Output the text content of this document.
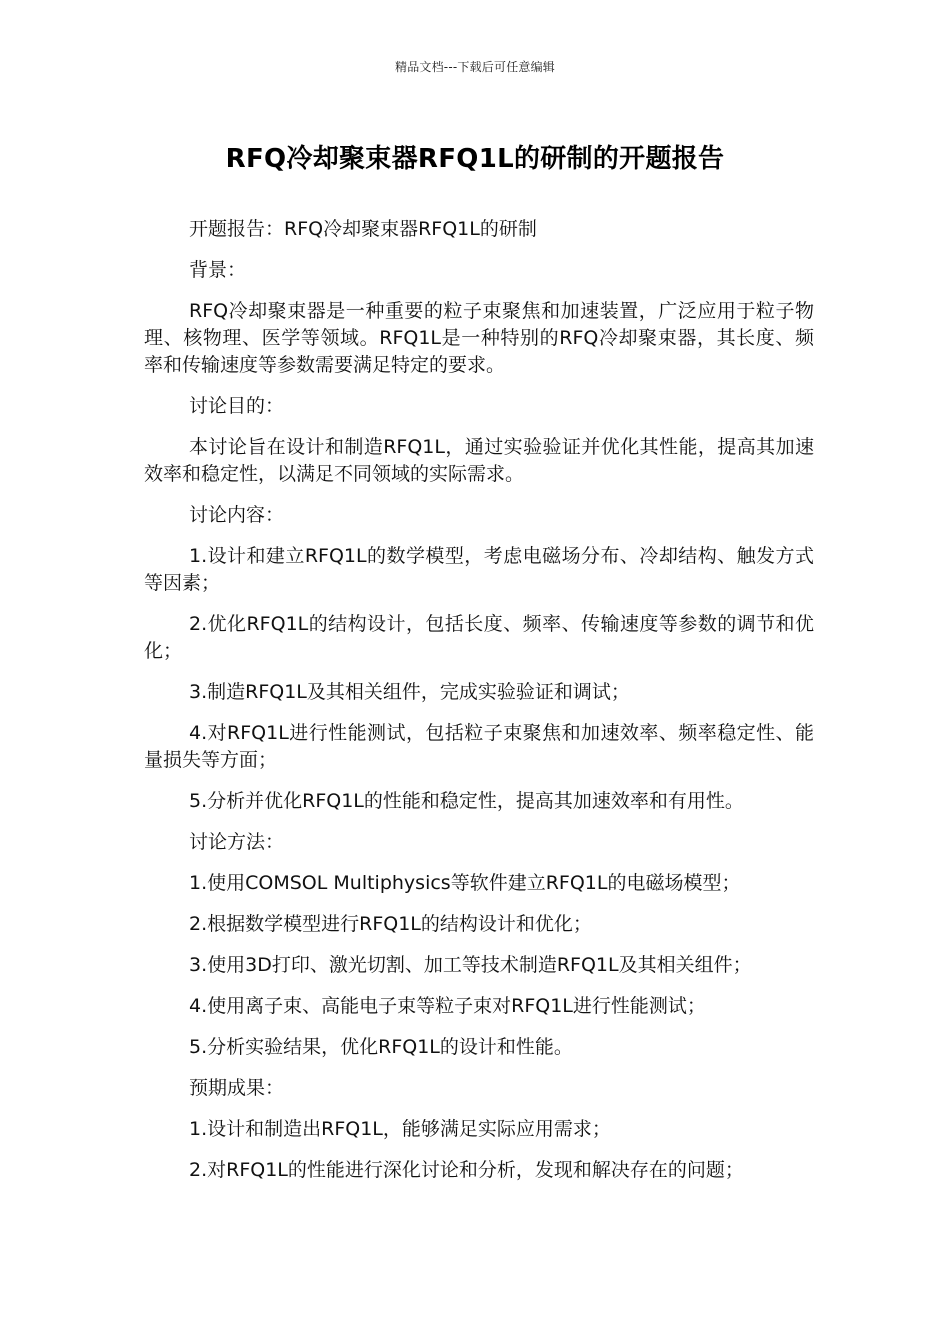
精品文档---下载后可任意编辑
RFQ冷却聚束器RFQ1L的研制的开题报告

开题报告：RFQ冷却聚束器RFQ1L的研制

背景：

RFQ冷却聚束器是一种重要的粒子束聚焦和加速装置，广泛应用于粒子物理、核物理、医学等领域。RFQ1L是一种特别的RFQ冷却聚束器，其长度、频率和传输速度等参数需要满足特定的要求。

讨论目的：

本讨论旨在设计和制造RFQ1L，通过实验验证并优化其性能，提高其加速效率和稳定性，以满足不同领域的实际需求。

讨论内容：

1.设计和建立RFQ1L的数学模型，考虑电磁场分布、冷却结构、触发方式等因素；

2.优化RFQ1L的结构设计，包括长度、频率、传输速度等参数的调节和优化；

3.制造RFQ1L及其相关组件，完成实验验证和调试；

4.对RFQ1L进行性能测试，包括粒子束聚焦和加速效率、频率稳定性、能量损失等方面；

5.分析并优化RFQ1L的性能和稳定性，提高其加速效率和有用性。

讨论方法：

1.使用COMSOL Multiphysics等软件建立RFQ1L的电磁场模型；

2.根据数学模型进行RFQ1L的结构设计和优化；

3.使用3D打印、激光切割、加工等技术制造RFQ1L及其相关组件；

4.使用离子束、高能电子束等粒子束对RFQ1L进行性能测试；

5.分析实验结果，优化RFQ1L的设计和性能。

预期成果：

1.设计和制造出RFQ1L，能够满足实际应用需求；

2.对RFQ1L的性能进行深化讨论和分析，发现和解决存在的问题；
